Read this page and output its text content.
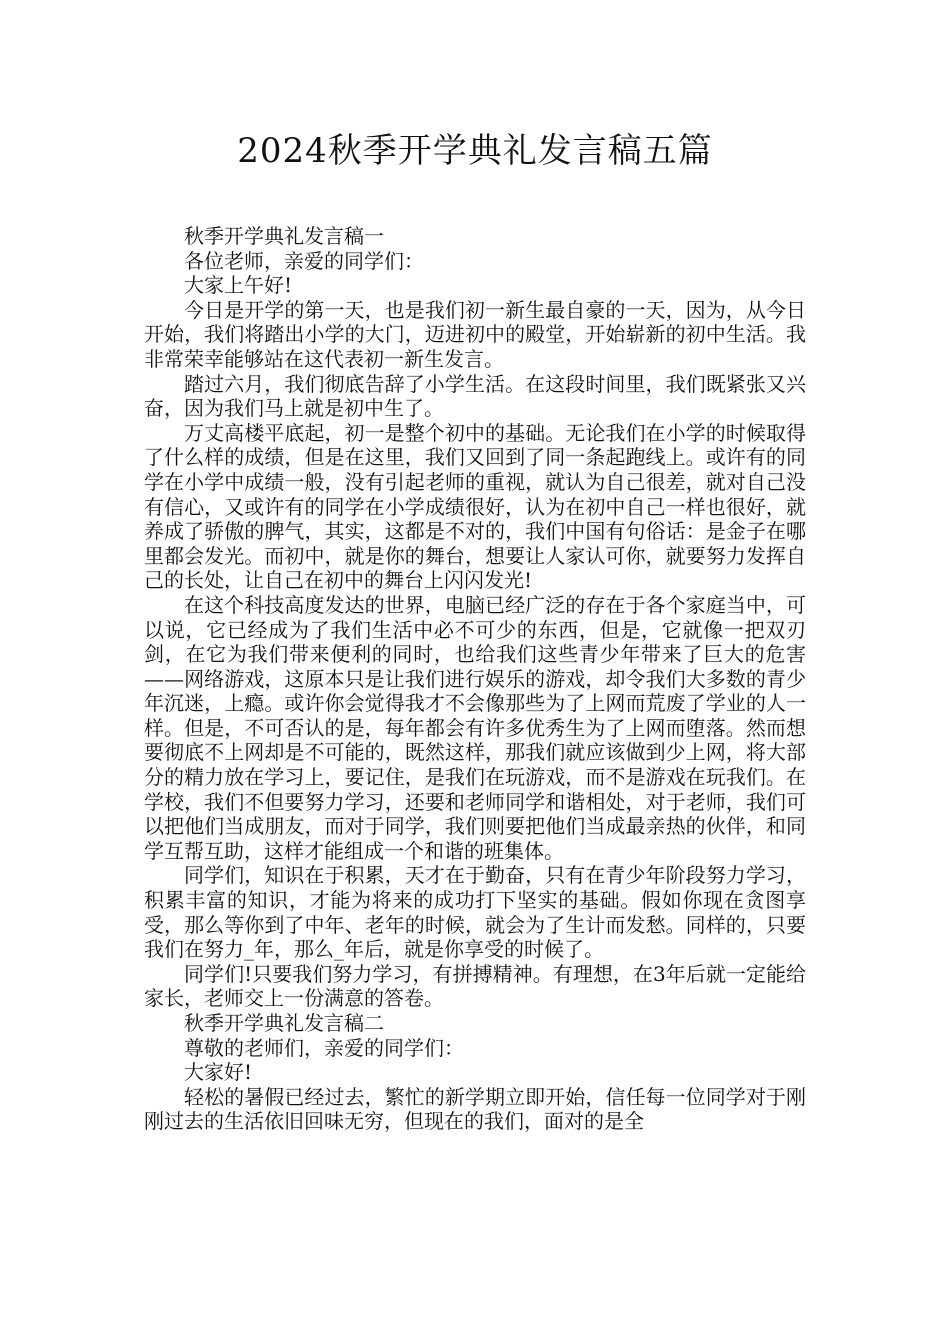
2024秋季开学典礼发言稿五篇

秋季开学典礼发言稿一

各位老师，亲爱的同学们：

大家上午好!

今日是开学的第一天，也是我们初一新生最自豪的一天，因为，从今日开始，我们将踏出小学的大门，迈进初中的殿堂，开始崭新的初中生活。我非常荣幸能够站在这代表初一新生发言。

踏过六月，我们彻底告辞了小学生活。在这段时间里，我们既紧张又兴奋，因为我们马上就是初中生了。

万丈高楼平底起，初一是整个初中的基础。无论我们在小学的时候取得了什么样的成绩，但是在这里，我们又回到了同一条起跑线上。或许有的同学在小学中成绩一般，没有引起老师的重视，就认为自己很差，就对自己没有信心，又或许有的同学在小学成绩很好，认为在初中自己一样也很好，就养成了骄傲的脾气，其实，这都是不对的，我们中国有句俗话：是金子在哪里都会发光。而初中，就是你的舞台，想要让人家认可你，就要努力发挥自己的长处，让自己在初中的舞台上闪闪发光!

在这个科技高度发达的世界，电脑已经广泛的存在于各个家庭当中，可以说，它已经成为了我们生活中必不可少的东西，但是，它就像一把双刃剑，在它为我们带来便利的同时，也给我们这些青少年带来了巨大的危害——网络游戏，这原本只是让我们进行娱乐的游戏，却令我们大多数的青少年沉迷，上瘾。或许你会觉得我才不会像那些为了上网而荒废了学业的人一样。但是，不可否认的是，每年都会有许多优秀生为了上网而堕落。然而想要彻底不上网却是不可能的，既然这样，那我们就应该做到少上网，将大部分的精力放在学习上，要记住，是我们在玩游戏，而不是游戏在玩我们。在学校，我们不但要努力学习，还要和老师同学和谐相处，对于老师，我们可以把他们当成朋友，而对于同学，我们则要把他们当成最亲热的伙伴，和同学互帮互助，这样才能组成一个和谐的班集体。

同学们，知识在于积累，天才在于勤奋，只有在青少年阶段努力学习，积累丰富的知识，才能为将来的成功打下坚实的基础。假如你现在贪图享受，那么等你到了中年、老年的时候，就会为了生计而发愁。同样的，只要我们在努力_年，那么_年后，就是你享受的时候了。

同学们!只要我们努力学习，有拼搏精神。有理想，在3年后就一定能给家长，老师交上一份满意的答卷。

秋季开学典礼发言稿二

尊敬的老师们，亲爱的同学们：

大家好!

轻松的暑假已经过去，繁忙的新学期立即开始，信任每一位同学对于刚刚过去的生活依旧回味无穷，但现在的我们，面对的是全
